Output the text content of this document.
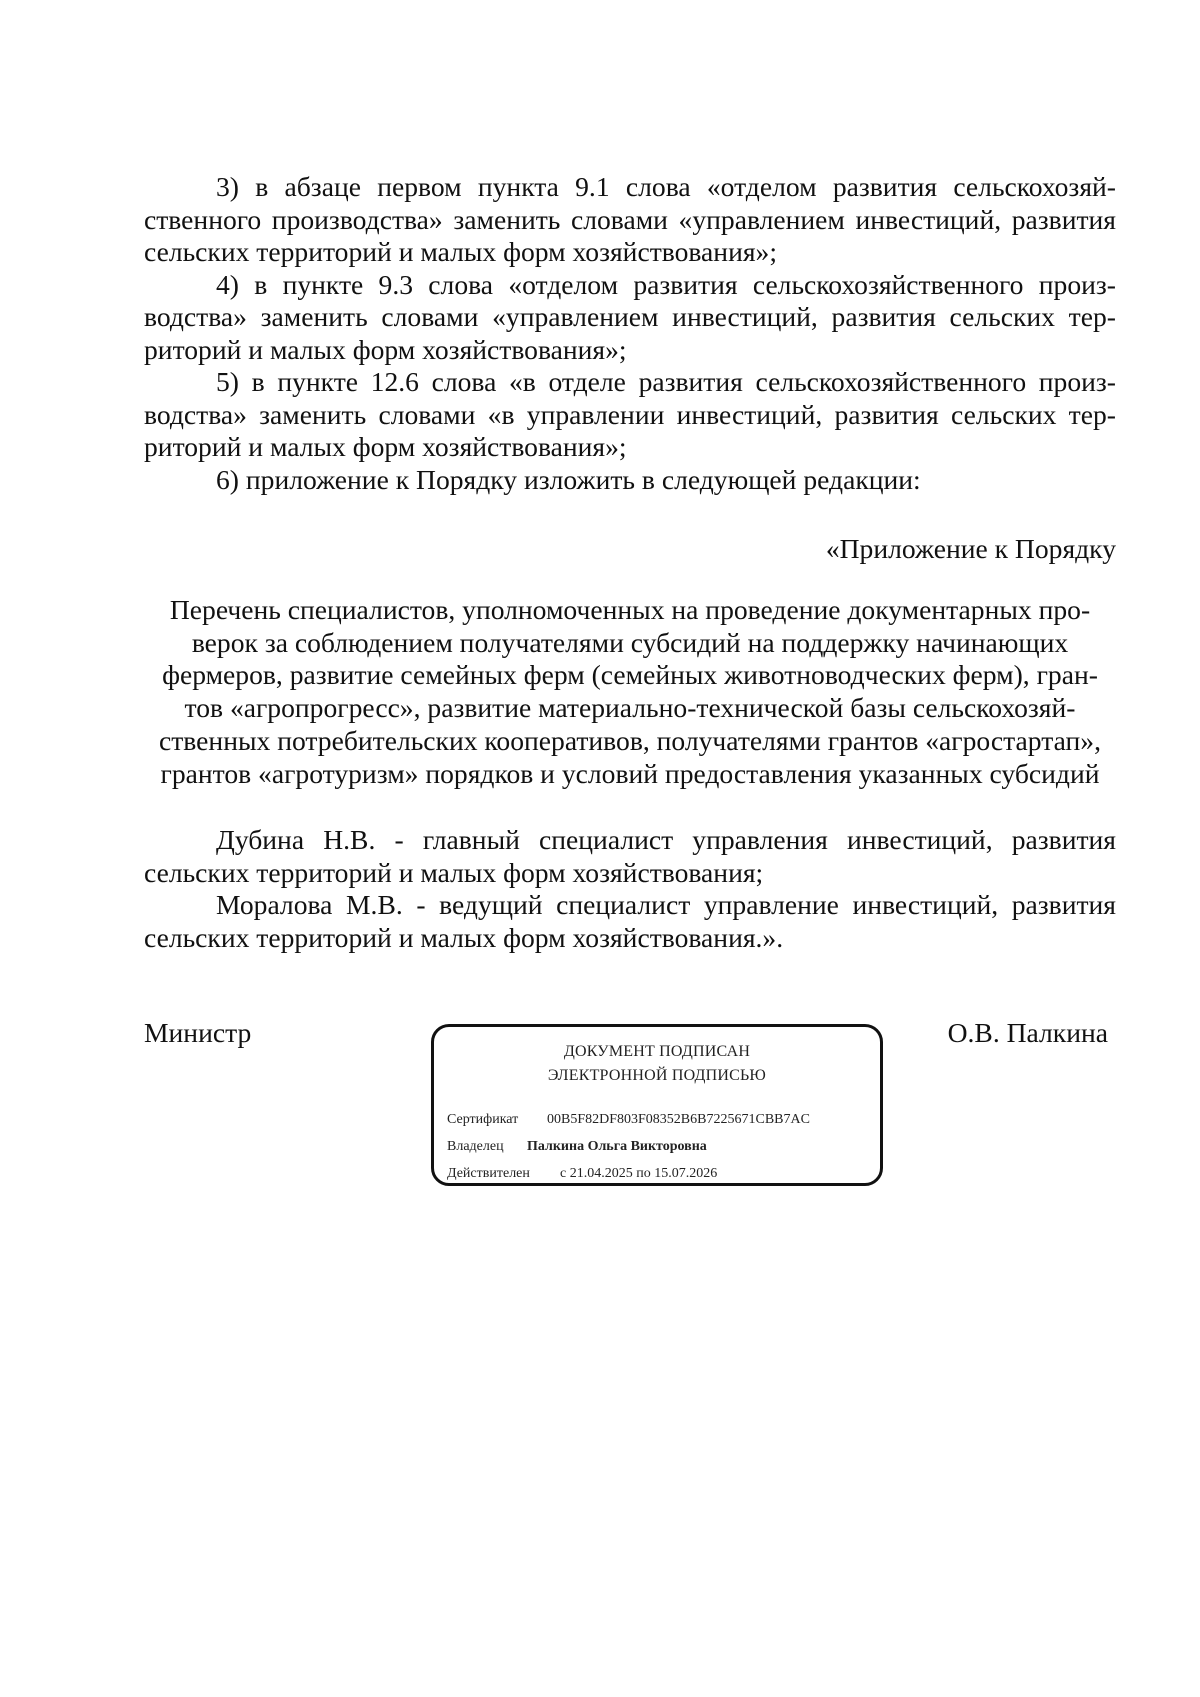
3) в абзаце первом пункта 9.1 слова «отделом развития сельскохозяйственного производства» заменить словами «управлением инвестиций, развития сельских территорий и малых форм хозяйствования»;

4) в пункте 9.3 слова «отделом развития сельскохозяйственного производства» заменить словами «управлением инвестиций, развития сельских территорий и малых форм хозяйствования»;

5) в пункте 12.6 слова «в отделе развития сельскохозяйственного производства» заменить словами «в управлении инвестиций, развития сельских территорий и малых форм хозяйствования»;

6) приложение к Порядку изложить в следующей редакции:

«Приложение к Порядку
Перечень специалистов, уполномоченных на проведение документарных про-
верок за соблюдением получателями субсидий на поддержку начинающих
фермеров, развитие семейных ферм (семейных животноводческих ферм), гран-
тов «агропрогресс», развитие материально-технической базы сельскохозяй-
ственных потребительских кооперативов, получателями грантов «агростартап»,
грантов «агротуризм» порядков и условий предоставления указанных субсидий

Дубина Н.В. - главный специалист управления инвестиций, развития сельских территорий и малых форм хозяйствования;

Моралова М.В. - ведущий специалист управление инвестиций, развития сельских территорий и малых форм хозяйствования.».

Министр
ДОКУМЕНТ ПОДПИСАН
ЭЛЕКТРОННОЙ ПОДПИСЬЮ
Сертификат 00B5F82DF803F08352B6B7225671CBB7AC
Владелец Палкина Ольга Викторовна
Действителен с 21.04.2025 по 15.07.2026
О.В. Палкина
